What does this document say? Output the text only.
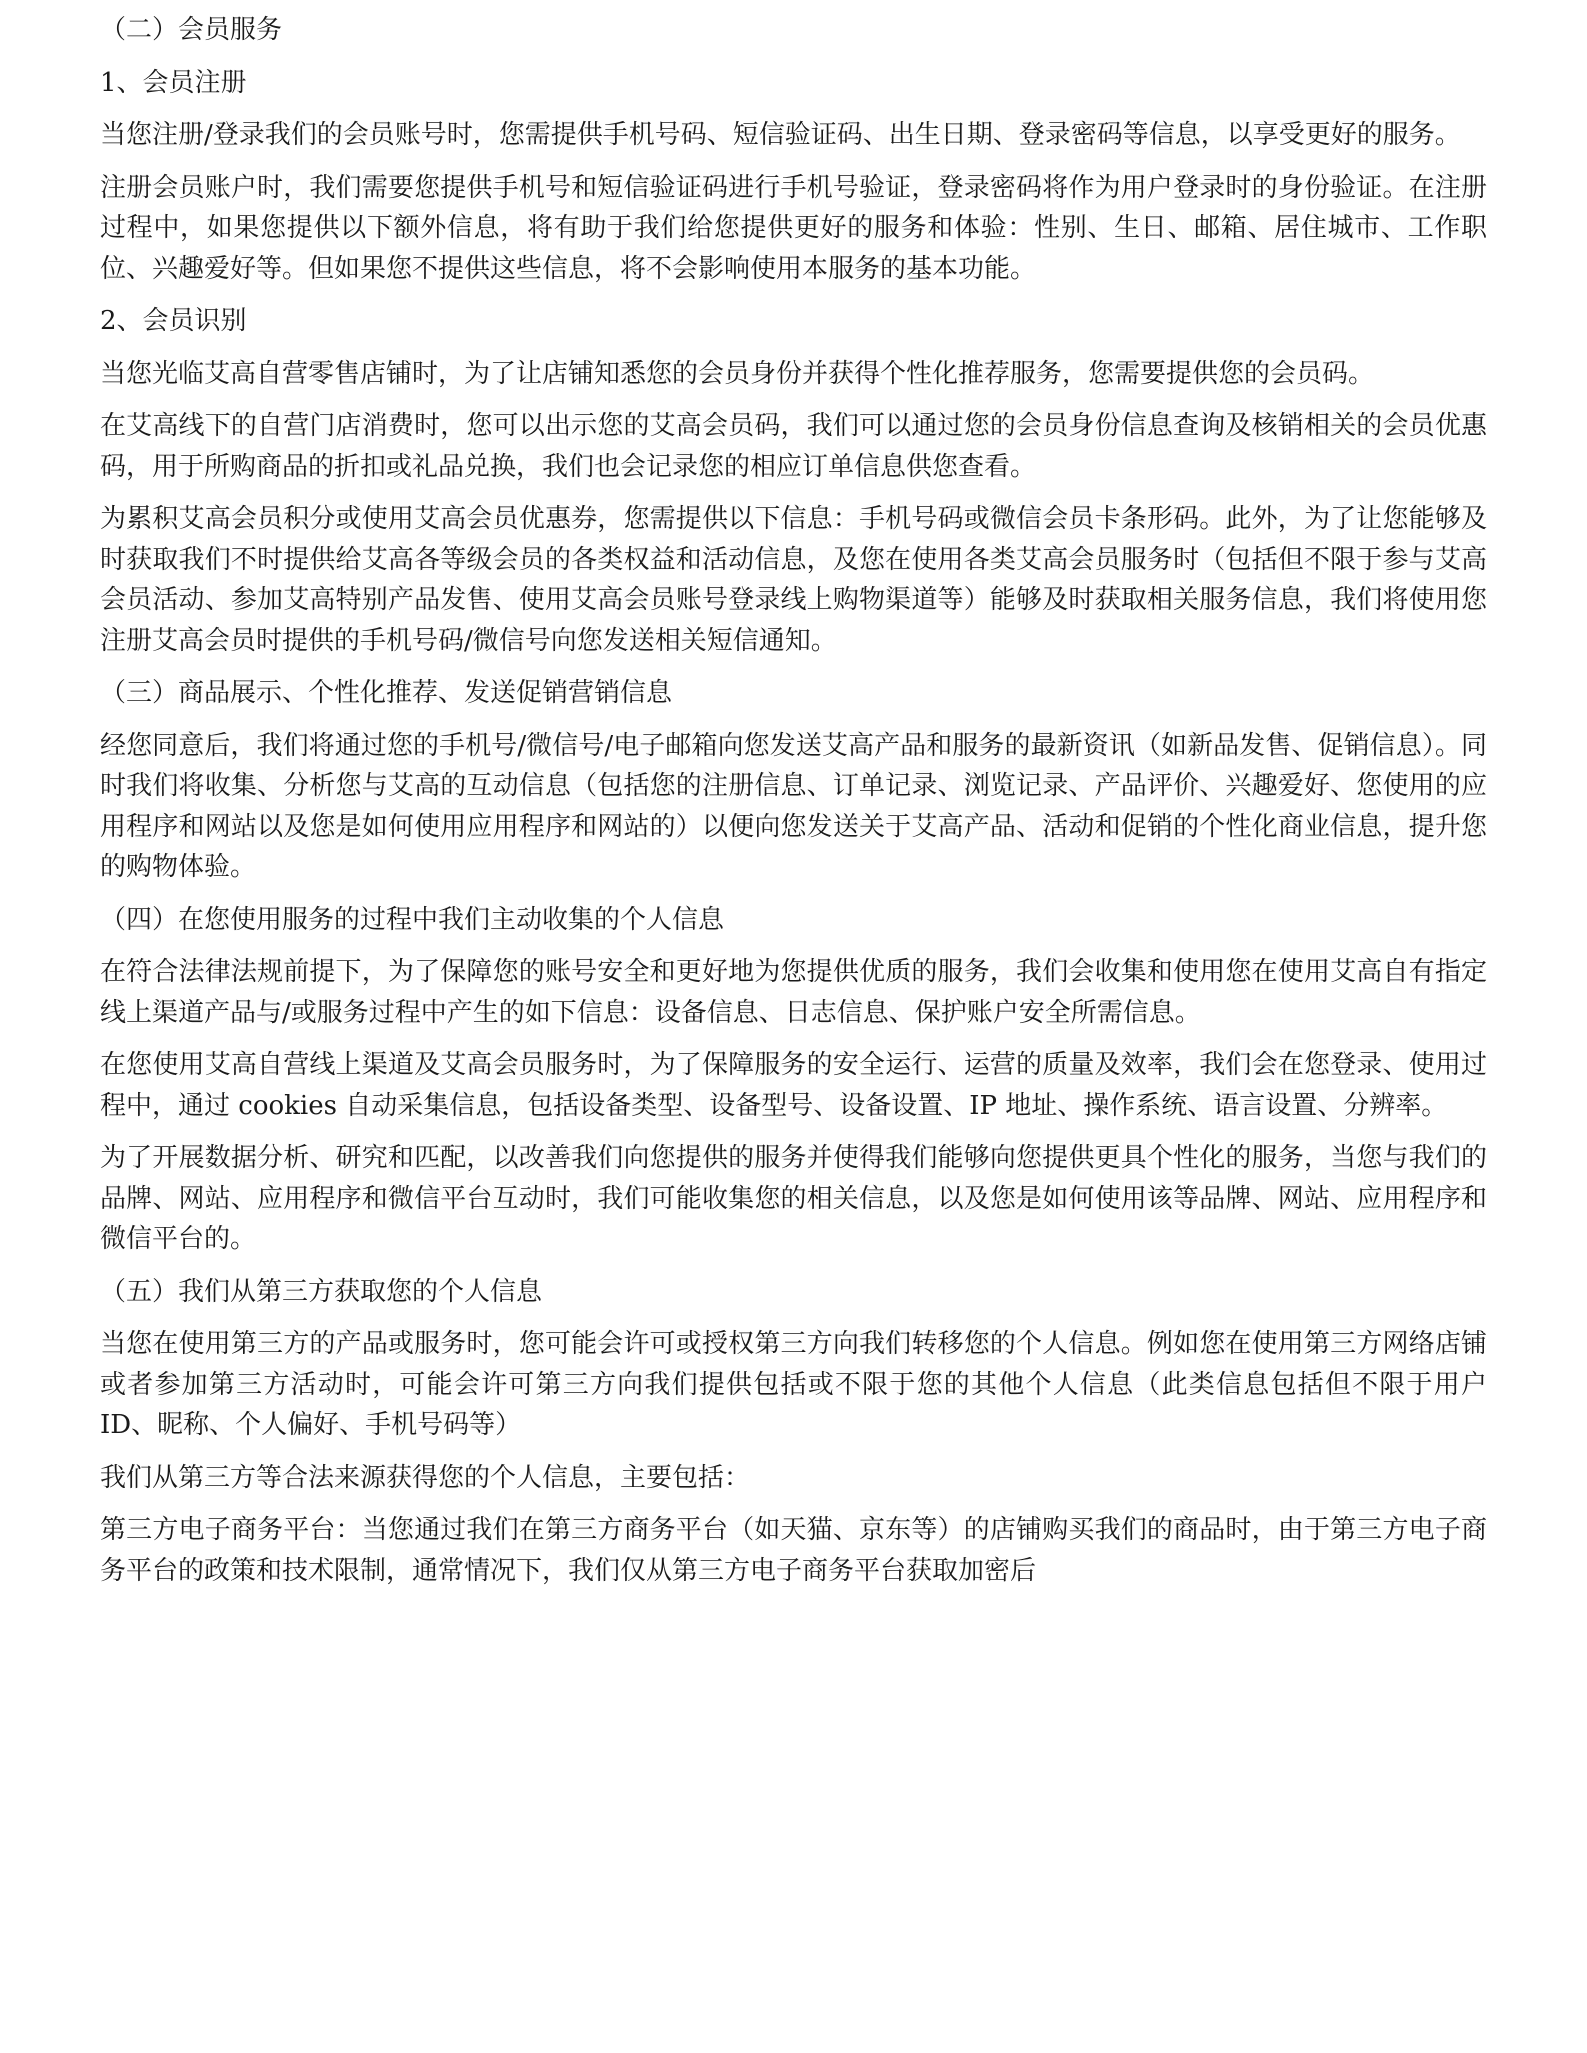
（二）会员服务
1、会员注册

当您注册/登录我们的会员账号时，您需提供手机号码、短信验证码、出生日期、登录密码等信息，以享受更好的服务。

注册会员账户时，我们需要您提供手机号和短信验证码进行手机号验证，登录密码将作为用户登录时的身份验证。在注册过程中，如果您提供以下额外信息，将有助于我们给您提供更好的服务和体验：性别、生日、邮箱、居住城市、工作职位、兴趣爱好等。但如果您不提供这些信息，将不会影响使用本服务的基本功能。

2、会员识别

当您光临艾高自营零售店铺时，为了让店铺知悉您的会员身份并获得个性化推荐服务，您需要提供您的会员码。

在艾高线下的自营门店消费时，您可以出示您的艾高会员码，我们可以通过您的会员身份信息查询及核销相关的会员优惠码，用于所购商品的折扣或礼品兑换，我们也会记录您的相应订单信息供您查看。

为累积艾高会员积分或使用艾高会员优惠券，您需提供以下信息：手机号码或微信会员卡条形码。此外，为了让您能够及时获取我们不时提供给艾高各等级会员的各类权益和活动信息，及您在使用各类艾高会员服务时（包括但不限于参与艾高会员活动、参加艾高特别产品发售、使用艾高会员账号登录线上购物渠道等）能够及时获取相关服务信息，我们将使用您注册艾高会员时提供的手机号码/微信号向您发送相关短信通知。

（三）商品展示、个性化推荐、发送促销营销信息

经您同意后，我们将通过您的手机号/微信号/电子邮箱向您发送艾高产品和服务的最新资讯（如新品发售、促销信息）。同时我们将收集、分析您与艾高的互动信息（包括您的注册信息、订单记录、浏览记录、产品评价、兴趣爱好、您使用的应用程序和网站以及您是如何使用应用程序和网站的）以便向您发送关于艾高产品、活动和促销的个性化商业信息，提升您的购物体验。

（四）在您使用服务的过程中我们主动收集的个人信息

在符合法律法规前提下，为了保障您的账号安全和更好地为您提供优质的服务，我们会收集和使用您在使用艾高自有指定线上渠道产品与/或服务过程中产生的如下信息：设备信息、日志信息、保护账户安全所需信息。

在您使用艾高自营线上渠道及艾高会员服务时，为了保障服务的安全运行、运营的质量及效率，我们会在您登录、使用过程中，通过 cookies 自动采集信息，包括设备类型、设备型号、设备设置、IP 地址、操作系统、语言设置、分辨率。

为了开展数据分析、研究和匹配，以改善我们向您提供的服务并使得我们能够向您提供更具个性化的服务，当您与我们的品牌、网站、应用程序和微信平台互动时，我们可能收集您的相关信息，以及您是如何使用该等品牌、网站、应用程序和微信平台的。

（五）我们从第三方获取您的个人信息

当您在使用第三方的产品或服务时，您可能会许可或授权第三方向我们转移您的个人信息。例如您在使用第三方网络店铺或者参加第三方活动时，可能会许可第三方向我们提供包括或不限于您的其他个人信息（此类信息包括但不限于用户 ID、昵称、个人偏好、手机号码等）

我们从第三方等合法来源获得您的个人信息，主要包括：

第三方电子商务平台：当您通过我们在第三方商务平台（如天猫、京东等）的店铺购买我们的商品时，由于第三方电子商务平台的政策和技术限制，通常情况下，我们仅从第三方电子商务平台获取加密后
